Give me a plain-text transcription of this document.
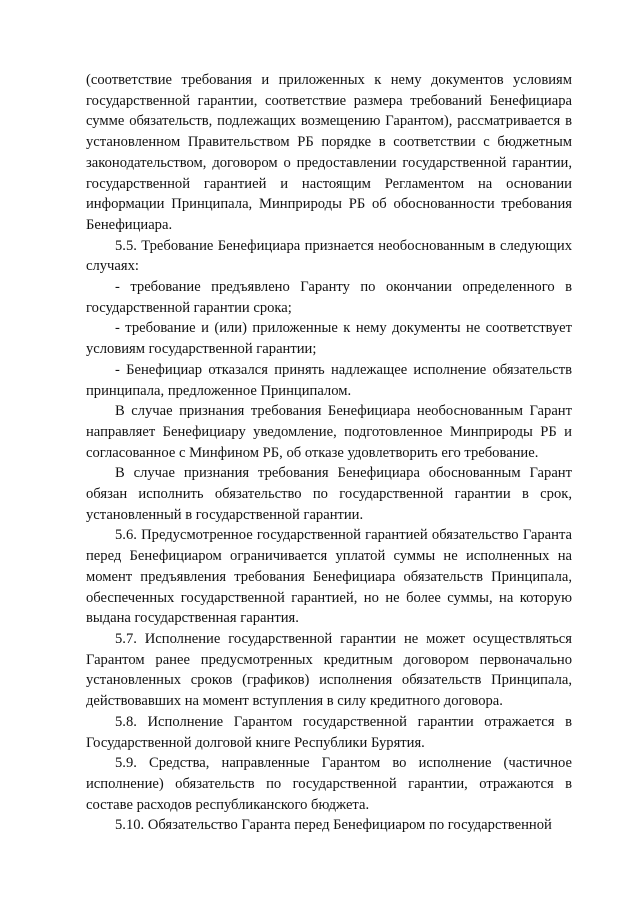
(соответствие требования и приложенных к нему документов условиям государственной гарантии, соответствие размера требований Бенефициара сумме обязательств, подлежащих возмещению Гарантом), рассматривается в установленном Правительством РБ порядке в соответствии с бюджетным законодательством, договором о предоставлении государственной гарантии, государственной гарантией и настоящим Регламентом на основании информации Принципала, Минприроды РБ об обоснованности требования Бенефициара.

5.5. Требование Бенефициара признается необоснованным в следующих случаях:

- требование предъявлено Гаранту по окончании определенного в государственной гарантии срока;

- требование и (или) приложенные к нему документы не соответствует условиям государственной гарантии;

- Бенефициар отказался принять надлежащее исполнение обязательств принципала, предложенное Принципалом.

В случае признания требования Бенефициара необоснованным Гарант направляет Бенефициару уведомление, подготовленное Минприроды РБ и согласованное с Минфином РБ, об отказе удовлетворить его требование.

В случае признания требования Бенефициара обоснованным Гарант обязан исполнить обязательство по государственной гарантии в срок, установленный в государственной гарантии.

5.6. Предусмотренное государственной гарантией обязательство Гаранта перед Бенефициаром ограничивается уплатой суммы не исполненных на момент предъявления требования Бенефициара обязательств Принципала, обеспеченных государственной гарантией, но не более суммы, на которую выдана государственная гарантия.

5.7. Исполнение государственной гарантии не может осуществляться Гарантом ранее предусмотренных кредитным договором первоначально установленных сроков (графиков) исполнения обязательств Принципала, действовавших на момент вступления в силу кредитного договора.

5.8. Исполнение Гарантом государственной гарантии отражается в Государственной долговой книге Республики Бурятия.

5.9. Средства, направленные Гарантом во исполнение (частичное исполнение) обязательств по государственной гарантии, отражаются в составе расходов республиканского бюджета.

5.10. Обязательство Гаранта перед Бенефициаром по государственной
